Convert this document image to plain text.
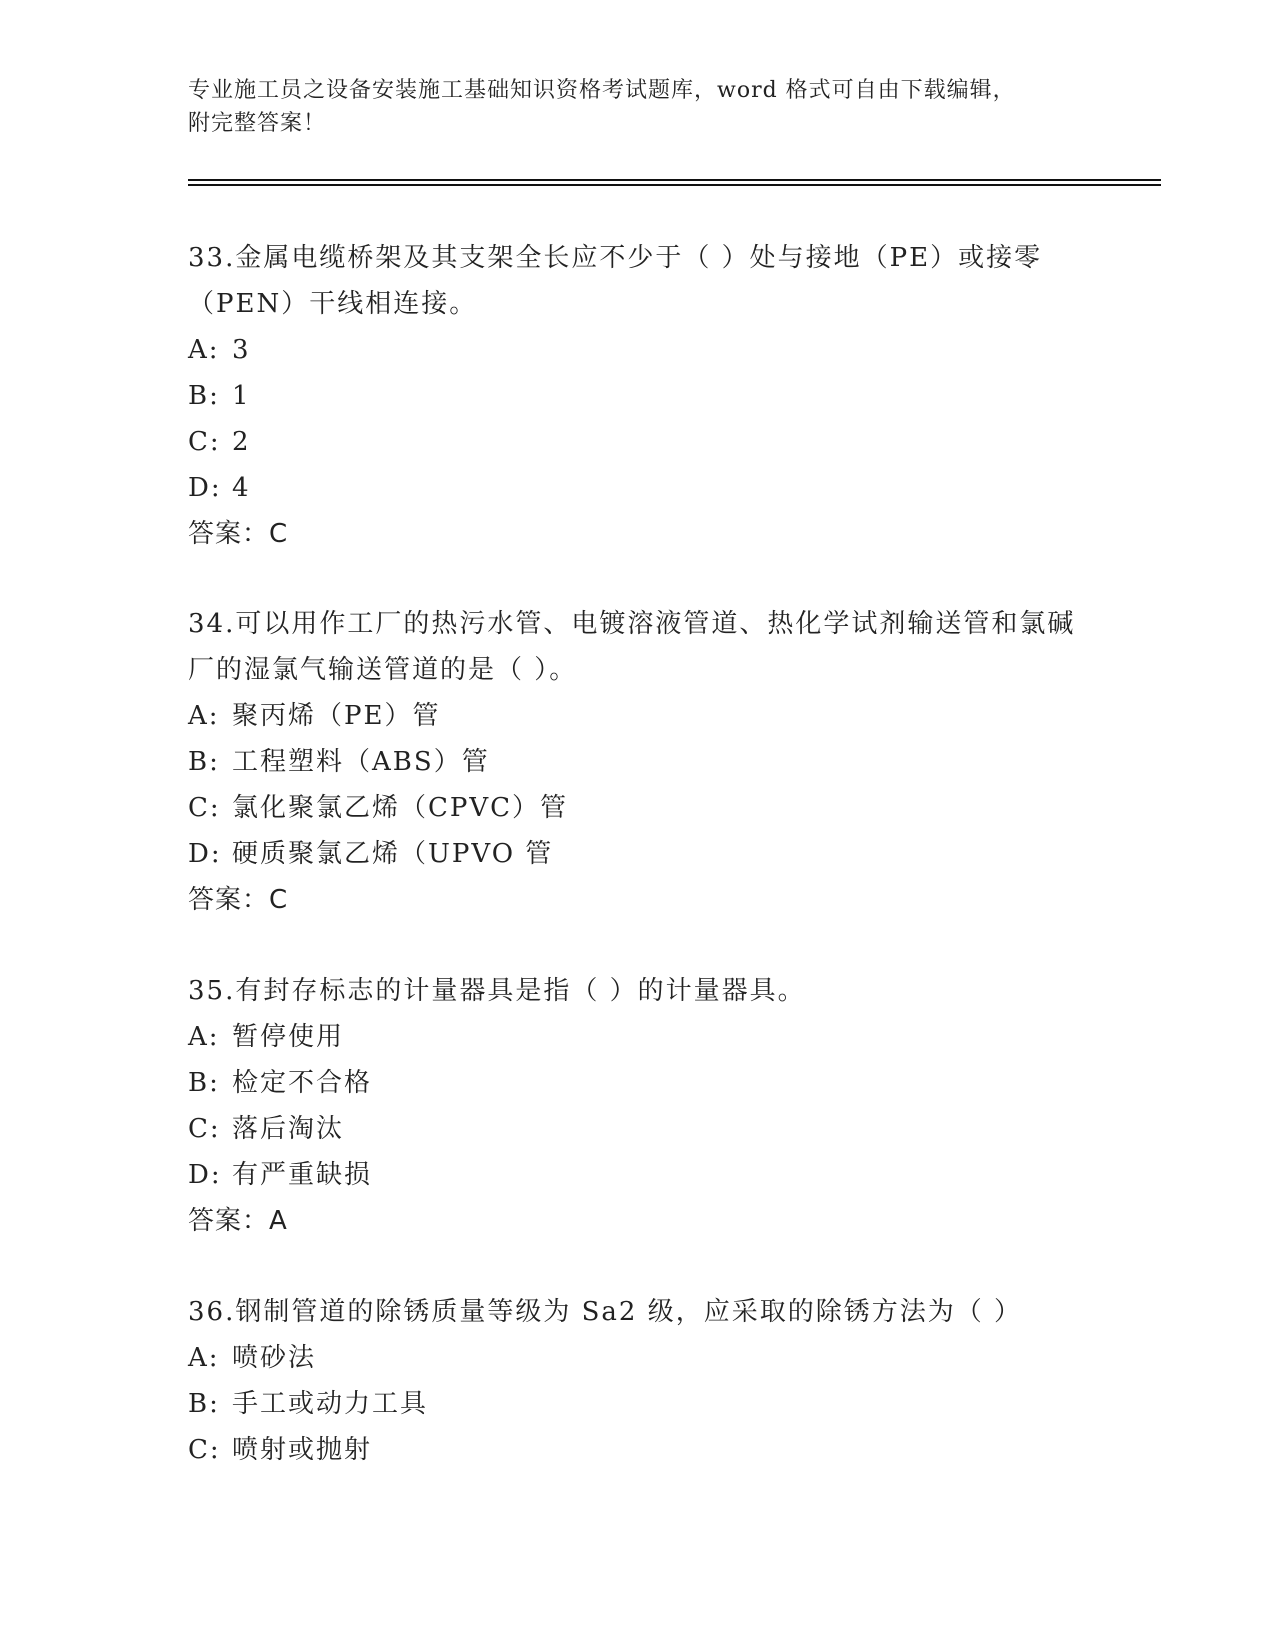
专业施工员之设备安装施工基础知识资格考试题库，word 格式可自由下载编辑，
附完整答案！

33.金属电缆桥架及其支架全长应不少于（ ）处与接地（PE）或接零（PEN）干线相连接。

A: 3

B: 1

C: 2

D: 4

答案：C

34.可以用作工厂的热污水管、电镀溶液管道、热化学试剂输送管和氯碱厂的湿氯气输送管道的是（ ）。

A: 聚丙烯（PE）管

B: 工程塑料（ABS）管

C: 氯化聚氯乙烯（CPVC）管

D: 硬质聚氯乙烯（UPVO 管

答案：C

35.有封存标志的计量器具是指（ ）的计量器具。

A: 暂停使用

B: 检定不合格

C: 落后淘汰

D: 有严重缺损

答案：A

36.钢制管道的除锈质量等级为 Sa2 级，应采取的除锈方法为（ ）

A: 喷砂法

B: 手工或动力工具

C: 喷射或抛射
